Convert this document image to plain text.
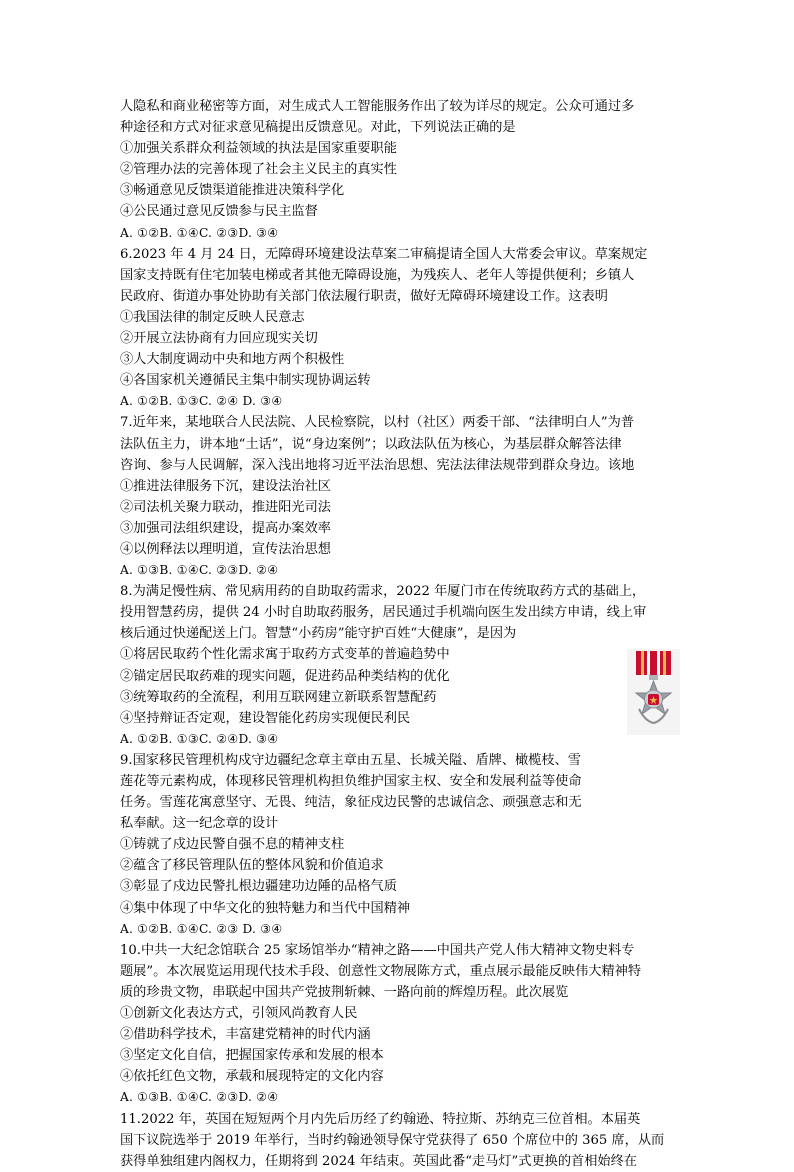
人隐私和商业秘密等方面，对生成式人工智能服务作出了较为详尽的规定。公众可通过多
种途径和方式对征求意见稿提出反馈意见。对此，下列说法正确的是
①加强关系群众利益领域的执法是国家重要职能
②管理办法的完善体现了社会主义民主的真实性
③畅通意见反馈渠道能推进决策科学化
④公民通过意见反馈参与民主监督
A. ①②B. ①④C. ②③D. ③④
6.2023 年 4 月 24 日，无障碍环境建设法草案二审稿提请全国人大常委会审议。草案规定
国家支持既有住宅加装电梯或者其他无障碍设施，为残疾人、老年人等提供便利；乡镇人
民政府、街道办事处协助有关部门依法履行职责，做好无障碍环境建设工作。这表明
①我国法律的制定反映人民意志
②开展立法协商有力回应现实关切
③人大制度调动中央和地方两个积极性
④各国家机关遵循民主集中制实现协调运转
A. ①②B. ①③C. ②④ D. ③④
7.近年来，某地联合人民法院、人民检察院，以村（社区）两委干部、“法律明白人”为普
法队伍主力，讲本地“土话”，说“身边案例”；以政法队伍为核心，为基层群众解答法律
咨询、参与人民调解，深入浅出地将习近平法治思想、宪法法律法规带到群众身边。该地
①推进法律服务下沉，建设法治社区
②司法机关聚力联动，推进阳光司法
③加强司法组织建设，提高办案效率
④以例释法以理明道，宣传法治思想
A. ①③B. ①④C. ②③D. ②④
8.为满足慢性病、常见病用药的自助取药需求，2022 年厦门市在传统取药方式的基础上，
投用智慧药房，提供 24 小时自助取药服务，居民通过手机端向医生发出续方申请，线上审
核后通过快递配送上门。智慧“小药房”能守护百姓“大健康”，是因为
①将居民取药个性化需求寓于取药方式变革的普遍趋势中
②锚定居民取药难的现实问题，促进药品种类结构的优化
③统筹取药的全流程，利用互联网建立新联系智慧配药
④坚持辩证否定观，建设智能化药房实现便民利民
A. ①②B. ①③C. ②④D. ③④
9.国家移民管理机构戍守边疆纪念章主章由五星、长城关隘、盾牌、橄榄枝、雪
莲花等元素构成，体现移民管理机构担负维护国家主权、安全和发展利益等使命
任务。雪莲花寓意坚守、无畏、纯洁，象征戍边民警的忠诚信念、顽强意志和无
私奉献。这一纪念章的设计
①铸就了戍边民警自强不息的精神支柱
②蕴含了移民管理队伍的整体风貌和价值追求
③彰显了戍边民警扎根边疆建功边陲的品格气质
④集中体现了中华文化的独特魅力和当代中国精神
A. ①②B. ①④C. ②③ D. ③④
10.中共一大纪念馆联合 25 家场馆举办“精神之路——中国共产党人伟大精神文物史料专
题展”。本次展览运用现代技术手段、创意性文物展陈方式，重点展示最能反映伟大精神特
质的珍贵文物，串联起中国共产党披荆斩棘、一路向前的辉煌历程。此次展览
①创新文化表达方式，引领风尚教育人民
②借助科学技术，丰富建党精神的时代内涵
③坚定文化自信，把握国家传承和发展的根本
④依托红色文物，承载和展现特定的文化内容
A. ①③B. ①④C. ②③D. ②④
11.2022 年，英国在短短两个月内先后历经了约翰逊、特拉斯、苏纳克三位首相。本届英
国下议院选举于 2019 年举行，当时约翰逊领导保守党获得了 650 个席位中的 365 席，从而
获得单独组建内阁权力，任期将到 2024 年结束。英国此番“走马灯”式更换的首相始终在
